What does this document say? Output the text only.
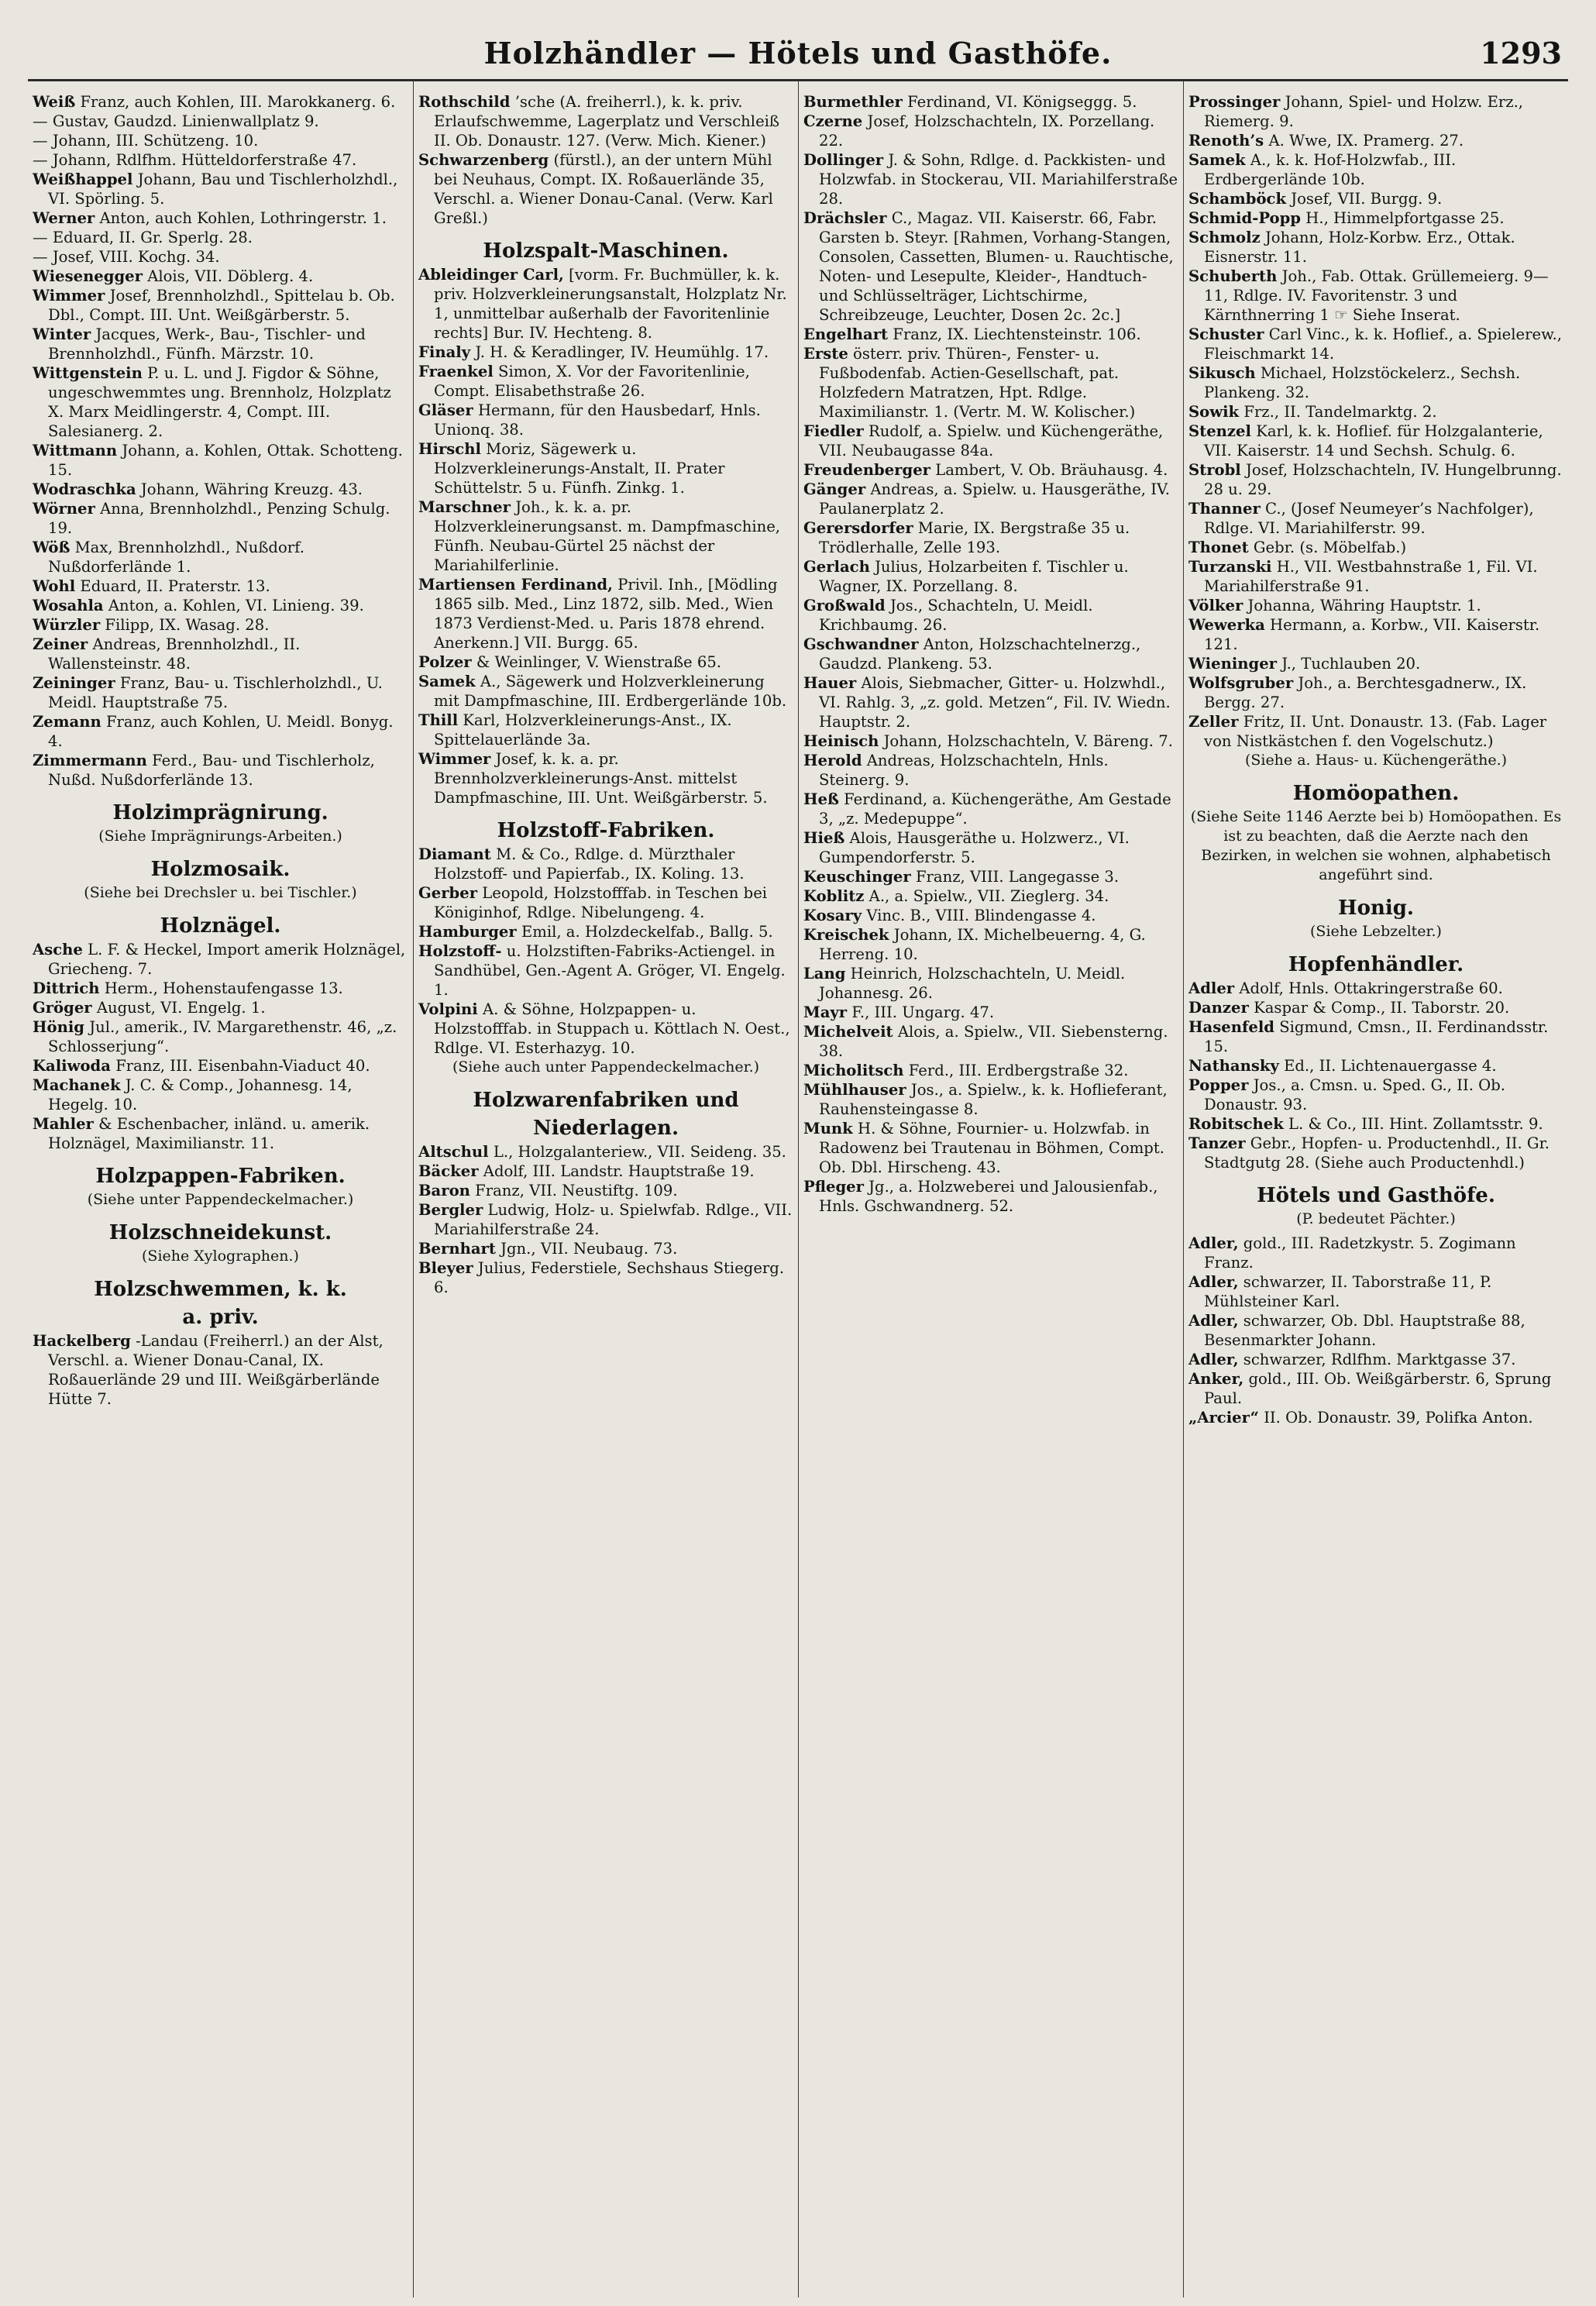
Holzhändler — Hötels und Gasthöfe.	1293
Weiß Franz, auch Kohlen, III. Marokkanerg. 6.
— Gustav, Gaudzd. Linienwallplatz 9.
— Johann, III. Schützeng. 10.
— Johann, Rdlfhm. Hütteldorferstraße 47.
Weißhappel Johann, Bau und Tischlerholzhdl., VI. Spörling. 5.
Werner Anton, auch Kohlen, Lothringerstr. 1.
— Eduard, II. Gr. Sperlg. 28.
— Josef, VIII. Kochg. 34.
Wiesenegger Alois, VII. Döblerg. 4.
Wimmer Josef, Brennholzhdl., Spittelau b. Ob. Dbl., Compt. III. Unt. Weißgärberstr. 5.
Winter Jacques, Werk-, Bau-, Tischler- und Brennholzhdl., Fünfh. Märzstr. 10.
Wittgenstein P. u. L. und J. Figdor & Söhne, ungeschwemmtes ung. Brennholz, Holzplatz X. Marx Meidlingerstr. 4, Compt. III. Salesianerg. 2.
Wittmann Johann, a. Kohlen, Ottak. Schotteng. 15.
Wodraschka Johann, Währing Kreuzg. 43.
Wörner Anna, Brennholzhdl., Penzing Schulg. 19.
Wöß Max, Brennholzhdl., Nußdorf. Nußdorferlände 1.
Wohl Eduard, II. Praterstr. 13.
Wosahla Anton, a. Kohlen, VI. Linieng. 39.
Würzler Filipp, IX. Wasag. 28.
Zeiner Andreas, Brennholzhdl., II. Wallensteinstr. 48.
Zeininger Franz, Bau- u. Tischlerholzhdl., U. Meidl. Hauptstraße 75.
Zemann Franz, auch Kohlen, U. Meidl. Bonyg. 4.
Zimmermann Ferd., Bau- und Tischlerholz, Nußd. Nußdorferlände 13.
Holzimprägnirung.
(Siehe Imprägnirungs-Arbeiten.)
Holzmosaik.
(Siehe bei Drechsler u. bei Tischler.)
Holznägel.
Asche L. F. & Heckel, Import amerik Holznägel, Griecheng. 7.
Dittrich Herm., Hohenstaufengasse 13.
Gröger August, VI. Engelg. 1.
Hönig Jul., amerik., IV. Margarethenstr. 46, „z. Schlosserjung“.
Kaliwoda Franz, III. Eisenbahn-Viaduct 40.
Machanek J. C. & Comp., Johannesg. 14, Hegelg. 10.
Mahler & Eschenbacher, inländ. u. amerik. Holznägel, Maximilianstr. 11.
Holzpappen-Fabriken.
(Siehe unter Pappendeckelmacher.)
Holzschneidekunst.
(Siehe Xylographen.)
Holzschwemmen, k. k.
a. priv.
Hackelberg -Landau (Freiherrl.) an der Alst, Verschl. a. Wiener Donau-Canal, IX. Roßauerlände 29 und III. Weißgärberlände Hütte 7.
Rothschild ’sche (A. freiherrl.), k. k. priv. Erlaufschwemme, Lagerplatz und Verschleiß II. Ob. Donaustr. 127. (Verw. Mich. Kiener.)
Schwarzenberg (fürstl.), an der untern Mühl bei Neuhaus, Compt. IX. Roßauerlände 35, Verschl. a. Wiener Donau-Canal. (Verw. Karl Greßl.)
Holzspalt-Maschinen.
Ableidinger Carl, [vorm. Fr. Buchmüller, k. k. priv. Holzverkleinerungsanstalt, Holzplatz Nr. 1, unmittelbar außerhalb der Favoritenlinie rechts] Bur. IV. Hechteng. 8.
Finaly J. H. & Keradlinger, IV. Heumühlg. 17.
Fraenkel Simon, X. Vor der Favoritenlinie, Compt. Elisabethstraße 26.
Gläser Hermann, für den Hausbedarf, Hnls. Unionq. 38.
Hirschl Moriz, Sägewerk u. Holzverkleinerungs-Anstalt, II. Prater Schüttelstr. 5 u. Fünfh. Zinkg. 1.
Marschner Joh., k. k. a. pr. Holzverkleinerungsanst. m. Dampfmaschine, Fünfh. Neubau-Gürtel 25 nächst der Mariahilferlinie.
Martiensen Ferdinand, Privil. Inh., [Mödling 1865 silb. Med., Linz 1872, silb. Med., Wien 1873 Verdienst-Med. u. Paris 1878 ehrend. Anerkenn.] VII. Burgg. 65.
Polzer & Weinlinger, V. Wienstraße 65.
Samek A., Sägewerk und Holzverkleinerung mit Dampfmaschine, III. Erdbergerlände 10b.
Thill Karl, Holzverkleinerungs-Anst., IX. Spittelauerlände 3a.
Wimmer Josef, k. k. a. pr. Brennholzverkleinerungs-Anst. mittelst Dampfmaschine, III. Unt. Weißgärberstr. 5.
Holzstoff-Fabriken.
Diamant M. & Co., Rdlge. d. Mürzthaler Holzstoff- und Papierfab., IX. Koling. 13.
Gerber Leopold, Holzstofffab. in Teschen bei Königinhof, Rdlge. Nibelungeng. 4.
Hamburger Emil, a. Holzdeckelfab., Ballg. 5.
Holzstoff- u. Holzstiften-Fabriks-Actiengel. in Sandhübel, Gen.-Agent A. Gröger, VI. Engelg. 1.
Volpini A. & Söhne, Holzpappen- u. Holzstofffab. in Stuppach u. Köttlach N. Oest., Rdlge. VI. Esterhazyg. 10.
(Siehe auch unter Pappendeckelmacher.)
Holzwarenfabriken und
Niederlagen.
Altschul L., Holzgalanteriew., VII. Seideng. 35.
Bäcker Adolf, III. Landstr. Hauptstraße 19.
Baron Franz, VII. Neustiftg. 109.
Bergler Ludwig, Holz- u. Spielwfab. Rdlge., VII. Mariahilferstraße 24.
Bernhart Jgn., VII. Neubaug. 73.
Bleyer Julius, Federstiele, Sechshaus Stiegerg. 6.
Burmethler Ferdinand, VI. Königseggg. 5.
Czerne Josef, Holzschachteln, IX. Porzellang. 22.
Dollinger J. & Sohn, Rdlge. d. Packkisten- und Holzwfab. in Stockerau, VII. Mariahilferstraße 28.
Drächsler C., Magaz. VII. Kaiserstr. 66, Fabr. Garsten b. Steyr. [Rahmen, Vorhang-Stangen, Consolen, Cassetten, Blumen- u. Rauchtische, Noten- und Lesepulte, Kleider-, Handtuch- und Schlüsselträger, Lichtschirme, Schreibzeuge, Leuchter, Dosen 2c. 2c.]
Engelhart Franz, IX. Liechtensteinstr. 106.
Erste österr. priv. Thüren-, Fenster- u. Fußbodenfab. Actien-Gesellschaft, pat. Holzfedern Matratzen, Hpt. Rdlge. Maximilianstr. 1. (Vertr. M. W. Kolischer.)
Fiedler Rudolf, a. Spielw. und Küchengeräthe, VII. Neubaugasse 84a.
Freudenberger Lambert, V. Ob. Bräuhausg. 4.
Gänger Andreas, a. Spielw. u. Hausgeräthe, IV. Paulanerplatz 2.
Gerersdorfer Marie, IX. Bergstraße 35 u. Trödlerhalle, Zelle 193.
Gerlach Julius, Holzarbeiten f. Tischler u. Wagner, IX. Porzellang. 8.
Großwald Jos., Schachteln, U. Meidl. Krichbaumg. 26.
Gschwandner Anton, Holzschachtelnerzg., Gaudzd. Plankeng. 53.
Hauer Alois, Siebmacher, Gitter- u. Holzwhdl., VI. Rahlg. 3, „z. gold. Metzen“, Fil. IV. Wiedn. Hauptstr. 2.
Heinisch Johann, Holzschachteln, V. Bäreng. 7.
Herold Andreas, Holzschachteln, Hnls. Steinerg. 9.
Heß Ferdinand, a. Küchengeräthe, Am Gestade 3, „z. Medepuppe“.
Hieß Alois, Hausgeräthe u. Holzwerz., VI. Gumpendorferstr. 5.
Keuschinger Franz, VIII. Langegasse 3.
Koblitz A., a. Spielw., VII. Zieglerg. 34.
Kosary Vinc. B., VIII. Blindengasse 4.
Kreischek Johann, IX. Michelbeuerng. 4, G. Herreng. 10.
Lang Heinrich, Holzschachteln, U. Meidl. Johannesg. 26.
Mayr F., III. Ungarg. 47.
Michelveit Alois, a. Spielw., VII. Siebensterng. 38.
Micholitsch Ferd., III. Erdbergstraße 32.
Mühlhauser Jos., a. Spielw., k. k. Hoflieferant, Rauhensteingasse 8.
Munk H. & Söhne, Fournier- u. Holzwfab. in Radowenz bei Trautenau in Böhmen, Compt. Ob. Dbl. Hirscheng. 43.
Pfleger Jg., a. Holzweberei und Jalousienfab., Hnls. Gschwandnerg. 52.
Prossinger Johann, Spiel- und Holzw. Erz., Riemerg. 9.
Renoth’s A. Wwe, IX. Pramerg. 27.
Samek A., k. k. Hof-Holzwfab., III. Erdbergerlände 10b.
Schamböck Josef, VII. Burgg. 9.
Schmid-Popp H., Himmelpfortgasse 25.
Schmolz Johann, Holz-Korbw. Erz., Ottak. Eisnerstr. 11.
Schuberth Joh., Fab. Ottak. Grüllemeierg. 9—11, Rdlge. IV. Favoritenstr. 3 und Kärnthnerring 1 ☞ Siehe Inserat.
Schuster Carl Vinc., k. k. Hoflief., a. Spielerew., Fleischmarkt 14.
Sikusch Michael, Holzstöckelerz., Sechsh. Plankeng. 32.
Sowik Frz., II. Tandelmarktg. 2.
Stenzel Karl, k. k. Hoflief. für Holzgalanterie, VII. Kaiserstr. 14 und Sechsh. Schulg. 6.
Strobl Josef, Holzschachteln, IV. Hungelbrunng. 28 u. 29.
Thanner C., (Josef Neumeyer’s Nachfolger), Rdlge. VI. Mariahilferstr. 99.
Thonet Gebr. (s. Möbelfab.)
Turzanski H., VII. Westbahnstraße 1, Fil. VI. Mariahilferstraße 91.
Völker Johanna, Währing Hauptstr. 1.
Wewerka Hermann, a. Korbw., VII. Kaiserstr. 121.
Wieninger J., Tuchlauben 20.
Wolfsgruber Joh., a. Berchtesgadnerw., IX. Bergg. 27.
Zeller Fritz, II. Unt. Donaustr. 13. (Fab. Lager von Nistkästchen f. den Vogelschutz.)
(Siehe a. Haus- u. Küchengeräthe.)
Homöopathen.
(Siehe Seite 1146 Aerzte bei b) Homöopathen. Es ist zu beachten, daß die Aerzte nach den Bezirken, in welchen sie wohnen, alphabetisch angeführt sind.
Honig.
(Siehe Lebzelter.)
Hopfenhändler.
Adler Adolf, Hnls. Ottakringerstraße 60.
Danzer Kaspar & Comp., II. Taborstr. 20.
Hasenfeld Sigmund, Cmsn., II. Ferdinandsstr. 15.
Nathansky Ed., II. Lichtenauergasse 4.
Popper Jos., a. Cmsn. u. Sped. G., II. Ob. Donaustr. 93.
Robitschek L. & Co., III. Hint. Zollamtsstr. 9.
Tanzer Gebr., Hopfen- u. Productenhdl., II. Gr. Stadtgutg 28. (Siehe auch Productenhdl.)
Hötels und Gasthöfe.
(P. bedeutet Pächter.)
Adler, gold., III. Radetzkystr. 5. Zogimann Franz.
Adler, schwarzer, II. Taborstraße 11, P. Mühlsteiner Karl.
Adler, schwarzer, Ob. Dbl. Hauptstraße 88, Besenmarkter Johann.
Adler, schwarzer, Rdlfhm. Marktgasse 37.
Anker, gold., III. Ob. Weißgärberstr. 6, Sprung Paul.
„Arcier“ II. Ob. Donaustr. 39, Polifka Anton.
